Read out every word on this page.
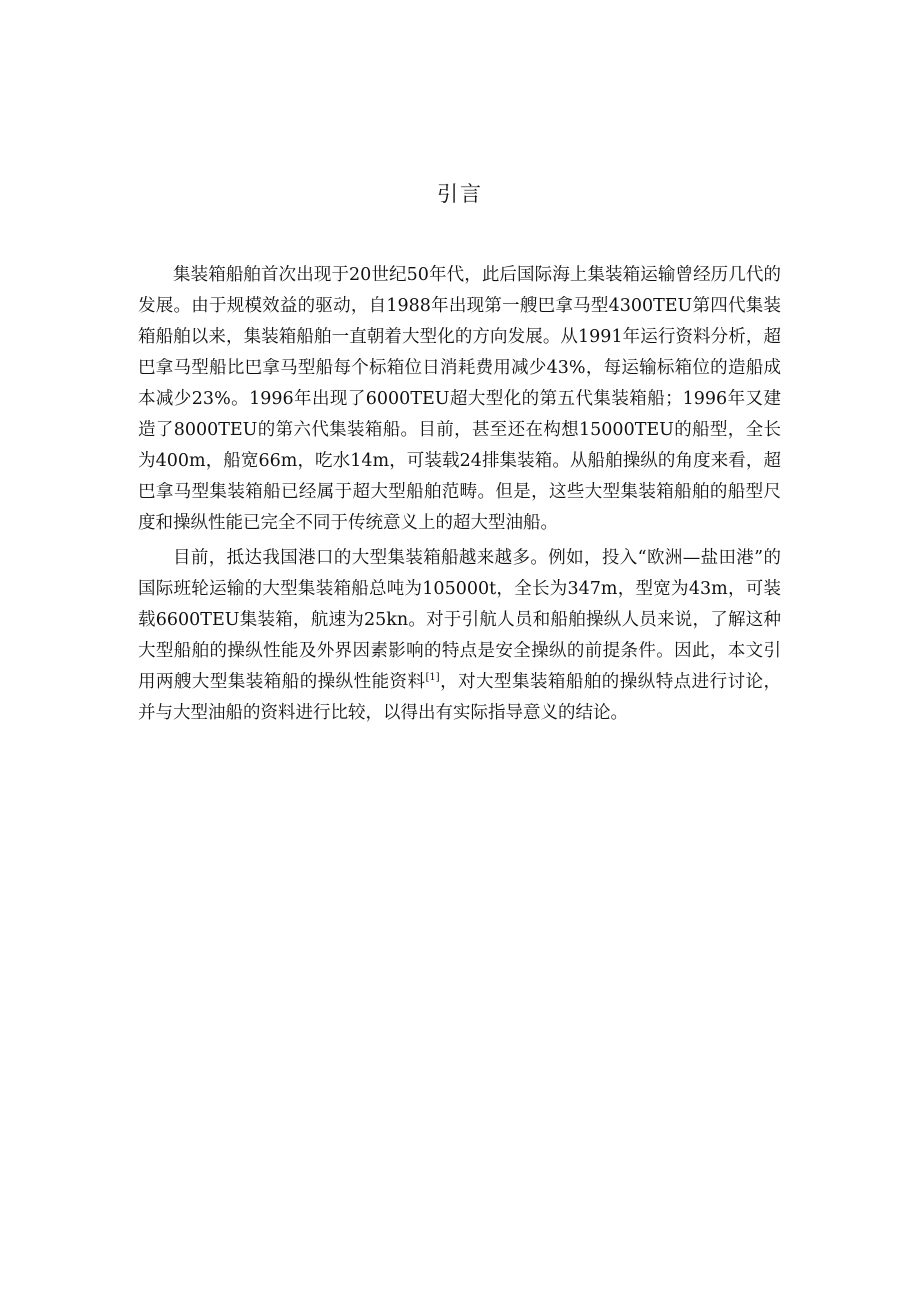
引言

集装箱船舶首次出现于20世纪50年代，此后国际海上集装箱运输曾经历几代的发展。由于规模效益的驱动，自1988年出现第一艘巴拿马型4300TEU第四代集装箱船舶以来，集装箱船舶一直朝着大型化的方向发展。从1991年运行资料分析，超巴拿马型船比巴拿马型船每个标箱位日消耗费用减少43%，每运输标箱位的造船成本减少23%。1996年出现了6000TEU超大型化的第五代集装箱船；1996年又建造了8000TEU的第六代集装箱船。目前，甚至还在构想15000TEU的船型，全长为400m，船宽66m，吃水14m，可装载24排集装箱。从船舶操纵的角度来看，超巴拿马型集装箱船已经属于超大型船舶范畴。但是，这些大型集装箱船舶的船型尺度和操纵性能已完全不同于传统意义上的超大型油船。

目前，抵达我国港口的大型集装箱船越来越多。例如，投入“欧洲—盐田港”的国际班轮运输的大型集装箱船总吨为105000t，全长为347m，型宽为43m，可装载6600TEU集装箱，航速为25kn。对于引航人员和船舶操纵人员来说，了解这种大型船舶的操纵性能及外界因素影响的特点是安全操纵的前提条件。因此，本文引用两艘大型集装箱船的操纵性能资料[1]，对大型集装箱船舶的操纵特点进行讨论，并与大型油船的资料进行比较，以得出有实际指导意义的结论。
